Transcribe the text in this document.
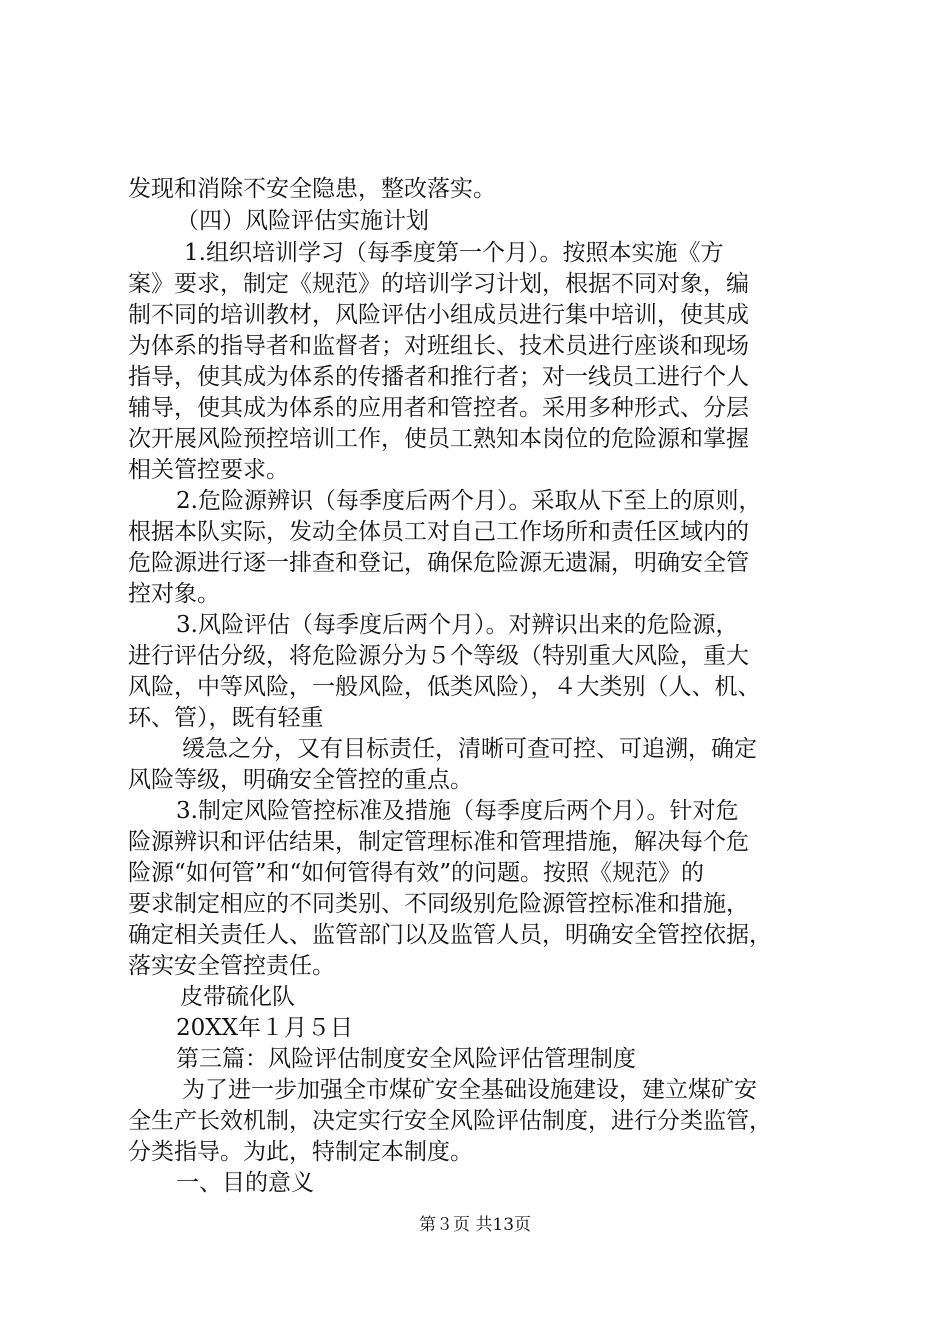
发现和消除不安全隐患，整改落实。
（四）风险评估实施计划
1.组织培训学习（每季度第一个月）。按照本实施《方
案》要求，制定《规范》的培训学习计划，根据不同对象，编
制不同的培训教材，风险评估小组成员进行集中培训，使其成
为体系的指导者和监督者；对班组长、技术员进行座谈和现场
指导，使其成为体系的传播者和推行者；对一线员工进行个人
辅导，使其成为体系的应用者和管控者。采用多种形式、分层
次开展风险预控培训工作，使员工熟知本岗位的危险源和掌握
相关管控要求。
2.危险源辨识（每季度后两个月）。采取从下至上的原则，
根据本队实际，发动全体员工对自己工作场所和责任区域内的
危险源进行逐一排查和登记，确保危险源无遗漏，明确安全管
控对象。
3.风险评估（每季度后两个月）。对辨识出来的危险源，
进行评估分级，将危险源分为５个等级（特别重大风险，重大
风险，中等风险，一般风险，低类风险），４大类别（人、机、
环、管），既有轻重
缓急之分，又有目标责任，清晰可查可控、可追溯，确定
风险等级，明确安全管控的重点。
3.制定风险管控标准及措施（每季度后两个月）。针对危
险源辨识和评估结果，制定管理标准和管理措施，解决每个危
险源“如何管”和“如何管得有效”的问题。按照《规范》的
要求制定相应的不同类别、不同级别危险源管控标准和措施，
确定相关责任人、监管部门以及监管人员，明确安全管控依据，
落实安全管控责任。
皮带硫化队
20XX年１月５日
第三篇：风险评估制度安全风险评估管理制度
为了进一步加强全市煤矿安全基础设施建设，建立煤矿安
全生产长效机制，决定实行安全风险评估制度，进行分类监管，
分类指导。为此，特制定本制度。
一、目的意义
第３页 共13页
